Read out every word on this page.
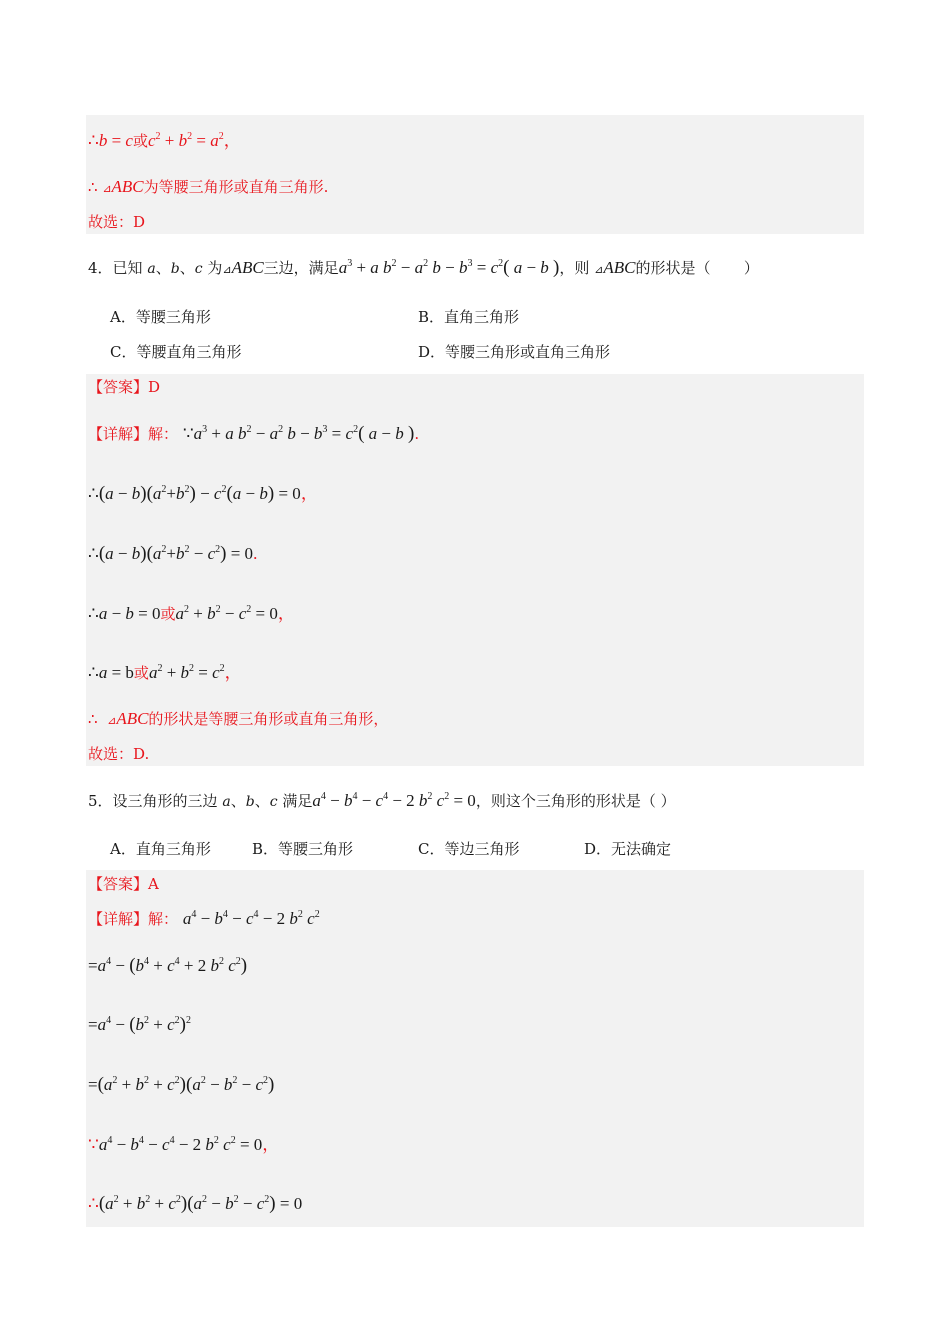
∴b = c或$c^2 + b^2 = a^2$，
∴ ⊿ABC为等腰三角形或直角三角形.
故选：D
4．已知 a、b、c 为⊿ABC三边，满足$a^3 + a$ $b^2 - a^2$ $b - b^3 = c^2$( a − b )，则 ⊿ABC的形状是（       ）
A．等腰三角形	B．直角三角形
C．等腰直角三角形	D．等腰三角形或直角三角形
【答案】D
【详解】解： $\because a^3 + a$ $b^2 - a^2$ $b - b^3 = c^2$( a − b ).
∴(a − $b)(a^2+b^2) - c^2(a - b) = 0$，
∴(a − $b)(a^2+b^2 - c^2) = 0$.
∴a − b = 0或$a^2 + b^2 - c^2 = 0$，
∴a = b或$a^2 + b^2 = c^2$，
∴  ⊿ABC的形状是等腰三角形或直角三角形，
故选：D.
5．设三角形的三边 a、b、c 满足$a^4 - b^4 - c^4 - 2$ $b^2$ $c^2 = 0$，则这个三角形的形状是（ ）
A．直角三角形	B．等腰三角形	C．等边三角形	D．无法确定
【答案】A
【详解】解： $a^4 - b^4 - c^4 - 2$ $b^2$ $c^2$
$=a^4 - (b^4 + c^4 + 2$ $b^2$ $c^2$)
$=a^4 - (b^2 + c^2)^2$
$=(a^2 + b^2 + c^2)(a^2 - b^2 - c^2)$
$\because a^4 - b^4 - c^4 - 2$ $b^2$ $c^2 = 0$，
$\therefore(a^2 + b^2 + c^2)(a^2 - b^2 - c^2) = 0$
